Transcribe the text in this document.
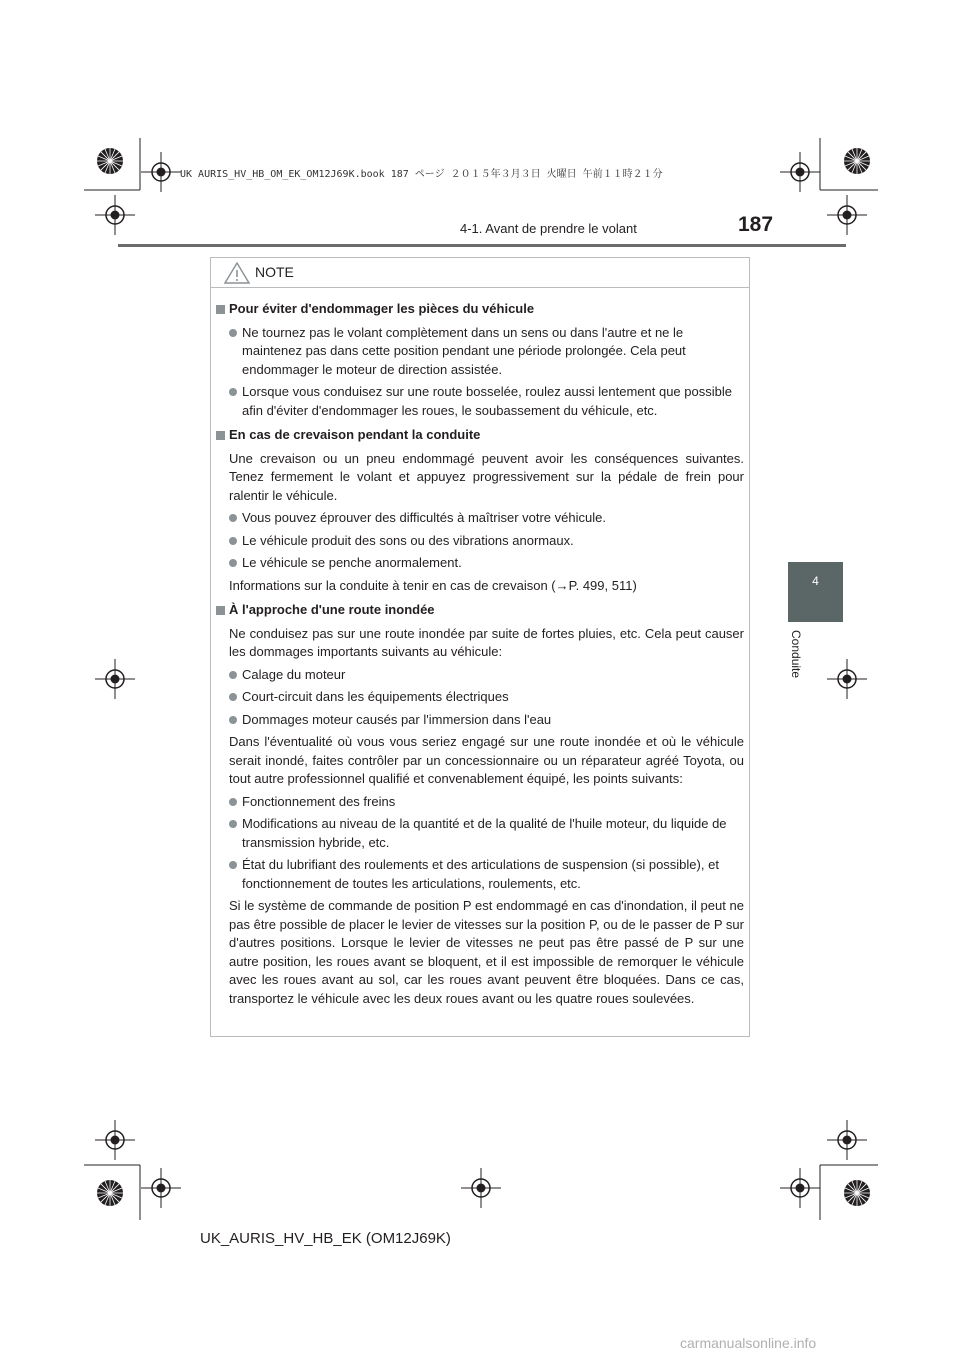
UK AURIS_HV_HB_OM_EK_OM12J69K.book 187 ページ ２０１５年３月３日 火曜日 午前１１時２１分
187
4-1. Avant de prendre le volant
4
Conduite
NOTE
Pour éviter d'endommager les pièces du véhicule
Ne tournez pas le volant complètement dans un sens ou dans l'autre et ne le maintenez pas dans cette position pendant une période prolongée. Cela peut endommager le moteur de direction assistée.
Lorsque vous conduisez sur une route bosselée, roulez aussi lentement que possible afin d'éviter d'endommager les roues, le soubassement du véhicule, etc.
En cas de crevaison pendant la conduite
Une crevaison ou un pneu endommagé peuvent avoir les conséquences suivantes. Tenez fermement le volant et appuyez progressivement sur la pédale de frein pour ralentir le véhicule.
Vous pouvez éprouver des difficultés à maîtriser votre véhicule.
Le véhicule produit des sons ou des vibrations anormaux.
Le véhicule se penche anormalement.
Informations sur la conduite à tenir en cas de crevaison (→P. 499, 511)
À l'approche d'une route inondée
Ne conduisez pas sur une route inondée par suite de fortes pluies, etc. Cela peut causer les dommages importants suivants au véhicule:
Calage du moteur
Court-circuit dans les équipements électriques
Dommages moteur causés par l'immersion dans l'eau
Dans l'éventualité où vous vous seriez engagé sur une route inondée et où le véhicule serait inondé, faites contrôler par un concessionnaire ou un réparateur agréé Toyota, ou tout autre professionnel qualifié et convenablement équipé, les points suivants:
Fonctionnement des freins
Modifications au niveau de la quantité et de la qualité de l'huile moteur, du liquide de transmission hybride, etc.
État du lubrifiant des roulements et des articulations de suspension (si possible), et fonctionnement de toutes les articulations, roulements, etc.
Si le système de commande de position P est endommagé en cas d'inondation, il peut ne pas être possible de placer le levier de vitesses sur la position P, ou de le passer de P sur d'autres positions. Lorsque le levier de vitesses ne peut pas être passé de P sur une autre position, les roues avant se bloquent, et il est impossible de remorquer le véhicule avec les roues avant au sol, car les roues avant peuvent être bloquées. Dans ce cas, transportez le véhicule avec les deux roues avant ou les quatre roues soulevées.
UK_AURIS_HV_HB_EK (OM12J69K)
carmanualsonline.info
